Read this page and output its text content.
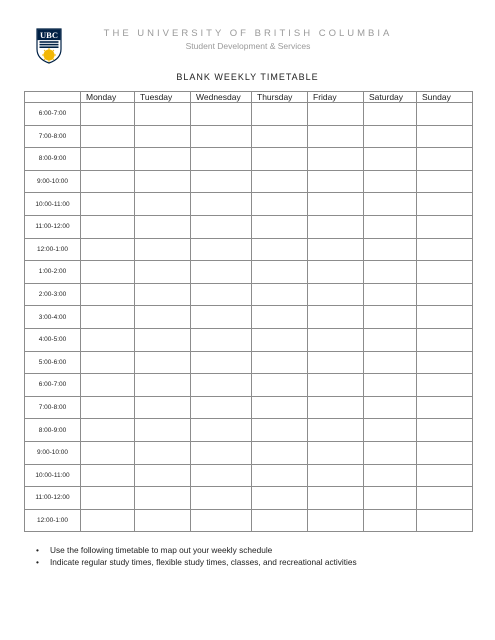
UBC	THE UNIVERSITY OF BRITISH COLUMBIA
Student Development & Services
BLANK WEEKLY TIMETABLE
	Monday	Tuesday	Wednesday	Thursday	Friday	Saturday	Sunday
6:00-7:00							
7:00-8:00							
8:00-9:00							
9:00-10:00							
10:00-11:00							
11:00-12:00							
12:00-1:00							
1:00-2:00							
2:00-3:00							
3:00-4:00							
4:00-5:00							
5:00-6:00							
6:00-7:00							
7:00-8:00							
8:00-9:00							
9:00-10:00							
10:00-11:00							
11:00-12:00							
12:00-1:00							
• Use the following timetable to map out your weekly schedule
• Indicate regular study times, flexible study times, classes, and recreational activities
